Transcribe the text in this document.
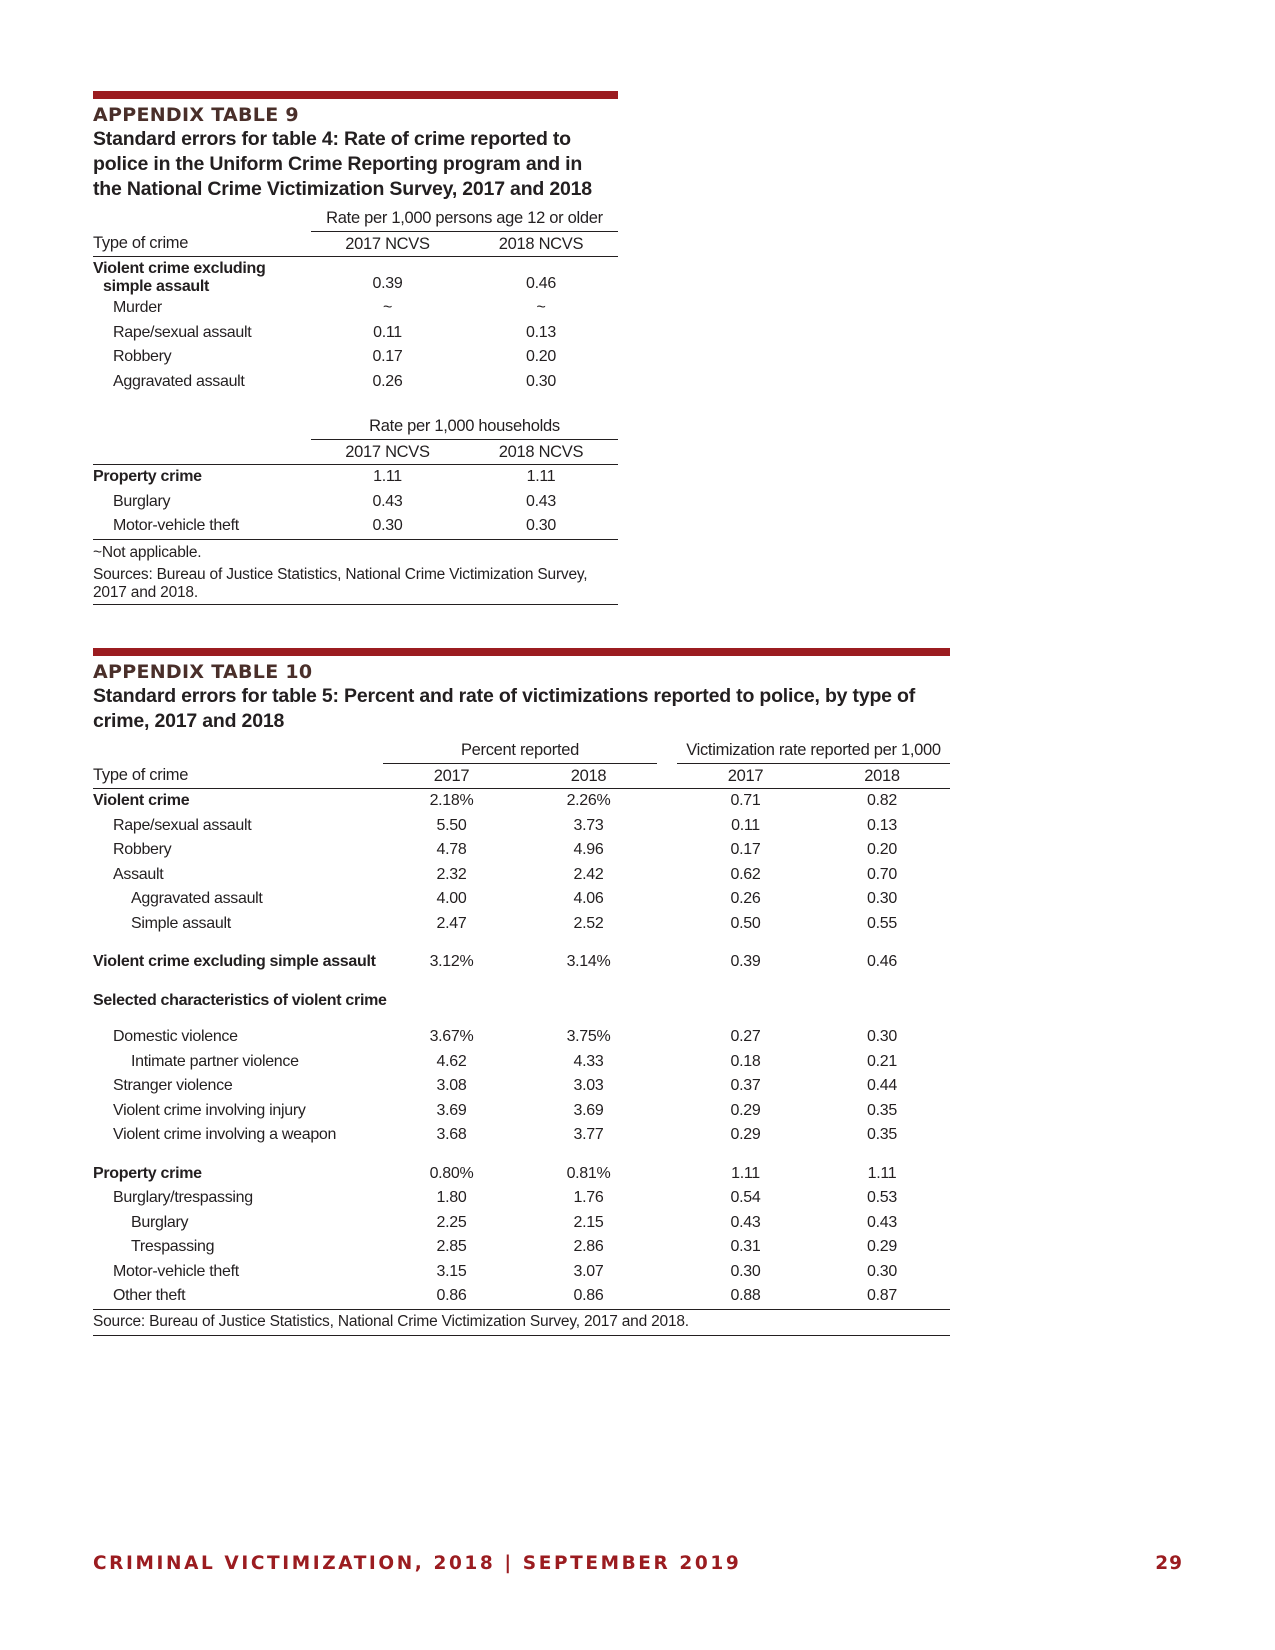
APPENDIX TABLE 9
Standard errors for table 4: Rate of crime reported to
police in the Uniform Crime Reporting program and in
the National Crime Victimization Survey, 2017 and 2018
	Rate per 1,000 persons age 12 or older	
Type of crime	2017 NCVS	2018 NCVS

Violent crime excluding
simple assault	0.39	0.46
Murder	~	~
Rape/sexual assault	0.11	0.13
Robbery	0.17	0.20
Aggravated assault	0.26	0.30

	Rate per 1,000 households	
	2017 NCVS	2018 NCVS
Property crime	1.11	1.11
Burglary	0.43	0.43
Motor-vehicle theft	0.30	0.30
~Not applicable.
Sources: Bureau of Justice Statistics, National Crime Victimization Survey,
2017 and 2018.
APPENDIX TABLE 10
Standard errors for table 5: Percent and rate of victimizations reported to police, by type of
crime, 2017 and 2018
	Percent reported			Victimization rate reported per 1,000	
Type of crime	2017	2018		2017	2018
Violent crime	2.18%	2.26%		0.71	0.82
Rape/sexual assault	5.50	3.73		0.11	0.13
Robbery	4.78	4.96		0.17	0.20
Assault	2.32	2.42		0.62	0.70
Aggravated assault	4.00	4.06		0.26	0.30
Simple assault	2.47	2.52		0.50	0.55

Violent crime excluding simple assault	3.12%	3.14%		0.39	0.46

Selected characteristics of violent crime					

Domestic violence	3.67%	3.75%		0.27	0.30
Intimate partner violence	4.62	4.33		0.18	0.21
Stranger violence	3.08	3.03		0.37	0.44
Violent crime involving injury	3.69	3.69		0.29	0.35
Violent crime involving a weapon	3.68	3.77		0.29	0.35

Property crime	0.80%	0.81%		1.11	1.11
Burglary/trespassing	1.80	1.76		0.54	0.53
Burglary	2.25	2.15		0.43	0.43
Trespassing	2.85	2.86		0.31	0.29
Motor-vehicle theft	3.15	3.07		0.30	0.30
Other theft	0.86	0.86		0.88	0.87
Source: Bureau of Justice Statistics, National Crime Victimization Survey, 2017 and 2018.
CRIMINAL VICTIMIZATION, 2018 | SEPTEMBER 2019	29
